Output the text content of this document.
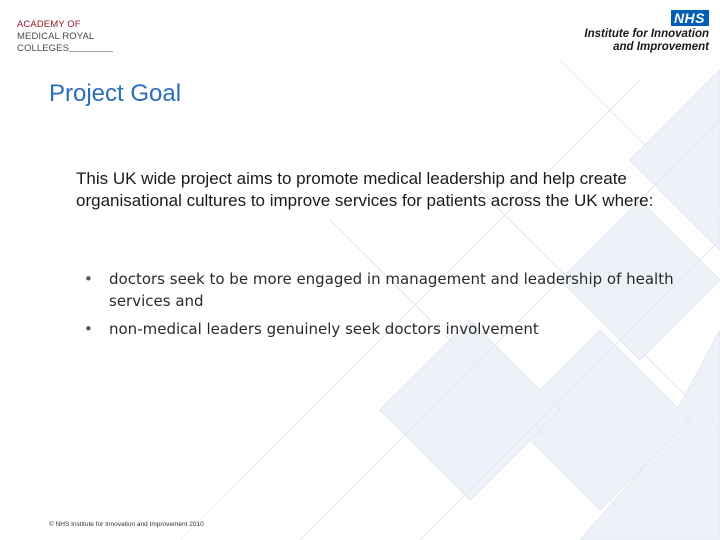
ACADEMY OF
MEDICAL ROYAL
COLLEGES
NHS
Institute for Innovation
and Improvement
Project Goal
This UK wide project aims to promote medical leadership and help create organisational cultures to improve services for patients across the UK where:
• doctors seek to be more engaged in management and leadership of health services and
• non-medical leaders genuinely seek doctors involvement
© NHS Institute for Innovation and Improvement 2010
